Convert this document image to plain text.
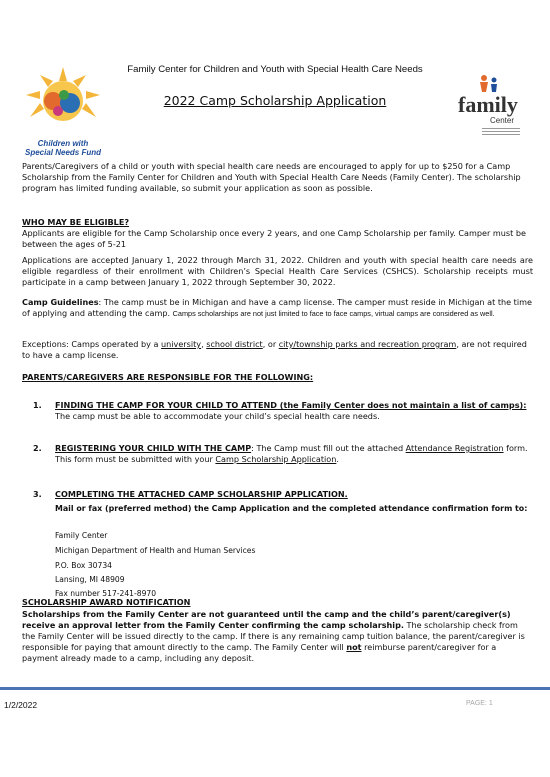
Children with
Special Needs Fund
family
Center
Family Center for Children and Youth with Special Health Care Needs
2022 Camp Scholarship Application
Parents/Caregivers of a child or youth with special health care needs are encouraged to apply for up to $250 for a Camp Scholarship from the Family Center for Children and Youth with Special Health Care Needs (Family Center). The scholarship program has limited funding available, so submit your application as soon as possible.
WHO MAY BE ELIGIBLE?
Applicants are eligible for the Camp Scholarship once every 2 years, and one Camp Scholarship per family. Camper must be between the ages of 5-21
Applications are accepted January 1, 2022 through March 31, 2022. Children and youth with special health care needs are eligible regardless of their enrollment with Children’s Special Health Care Services (CSHCS). Scholarship receipts must participate in a camp between January 1, 2022 through September 30, 2022.
Camp Guidelines: The camp must be in Michigan and have a camp license. The camper must reside in Michigan at the time of applying and attending the camp. Camps scholarships are not just limited to face to face camps, virtual camps are considered as well.
Exceptions: Camps operated by a university, school district, or city/township parks and recreation program, are not required to have a camp license.
PARENTS/CAREGIVERS ARE RESPONSIBLE FOR THE FOLLOWING:
1.	FINDING THE CAMP FOR YOUR CHILD TO ATTEND (the Family Center does not maintain a list of camps): The camp must be able to accommodate your child’s special health care needs.
2.	REGISTERING YOUR CHILD WITH THE CAMP: The Camp must fill out the attached Attendance Registration form. This form must be submitted with your Camp Scholarship Application.
3.	COMPLETING THE ATTACHED CAMP SCHOLARSHIP APPLICATION.
Mail or fax (preferred method) the Camp Application and the completed attendance confirmation form to:
Family Center
Michigan Department of Health and Human Services
P.O. Box 30734
Lansing, MI 48909
Fax number 517-241-8970
SCHOLARSHIP AWARD NOTIFICATION
Scholarships from the Family Center are not guaranteed until the camp and the child’s parent/caregiver(s) receive an approval letter from the Family Center confirming the camp scholarship. The scholarship check from the Family Center will be issued directly to the camp. If there is any remaining camp tuition balance, the parent/caregiver is responsible for paying that amount directly to the camp. The Family Center will not reimburse parent/caregiver for a payment already made to a camp, including any deposit.
1/2/2022	PAGE: 1
